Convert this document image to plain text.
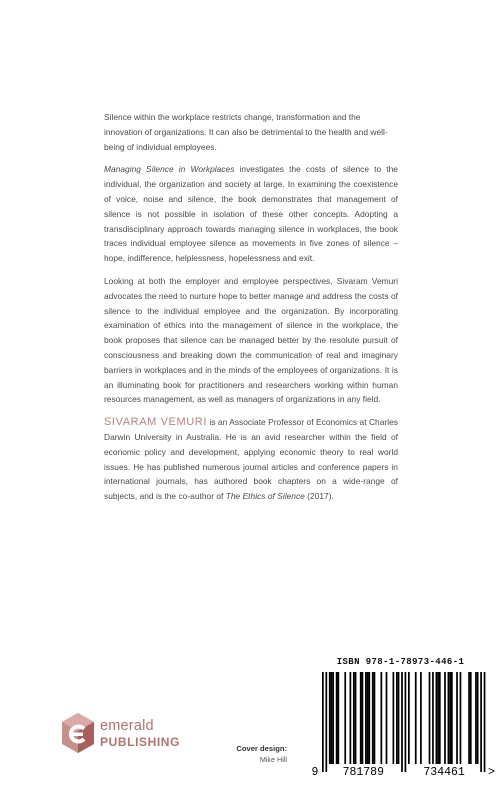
Silence within the workplace restricts change, transformation and the innovation of organizations. It can also be detrimental to the health and well-being of individual employees.

Managing Silence in Workplaces investigates the costs of silence to the individual, the organization and society at large. In examining the coexistence of voice, noise and silence, the book demonstrates that management of silence is not possible in isolation of these other concepts. Adopting a transdisciplinary approach towards managing silence in workplaces, the book traces individual employee silence as movements in five zones of silence – hope, indifference, helplessness, hopelessness and exit.

Looking at both the employer and employee perspectives, Sivaram Vemuri advocates the need to nurture hope to better manage and address the costs of silence to the individual employee and the organization. By incorporating examination of ethics into the management of silence in the workplace, the book proposes that silence can be managed better by the resolute pursuit of consciousness and breaking down the communication of real and imaginary barriers in workplaces and in the minds of the employees of organizations. It is an illuminating book for practitioners and researchers working within human resources management, as well as managers of organizations in any field.

SIVARAM VEMURI is an Associate Professor of Economics at Charles Darwin University in Australia. He is an avid researcher within the field of economic policy and development, applying economic theory to real world issues. He has published numerous journal articles and conference papers in international journals, has authored book chapters on a wide-range of subjects, and is the co-author of The Ethics of Silence (2017).

ISBN 978-1-78973-446-1
9 781789	734461 >
emerald
PUBLISHING	Cover design:
Mike Hill
